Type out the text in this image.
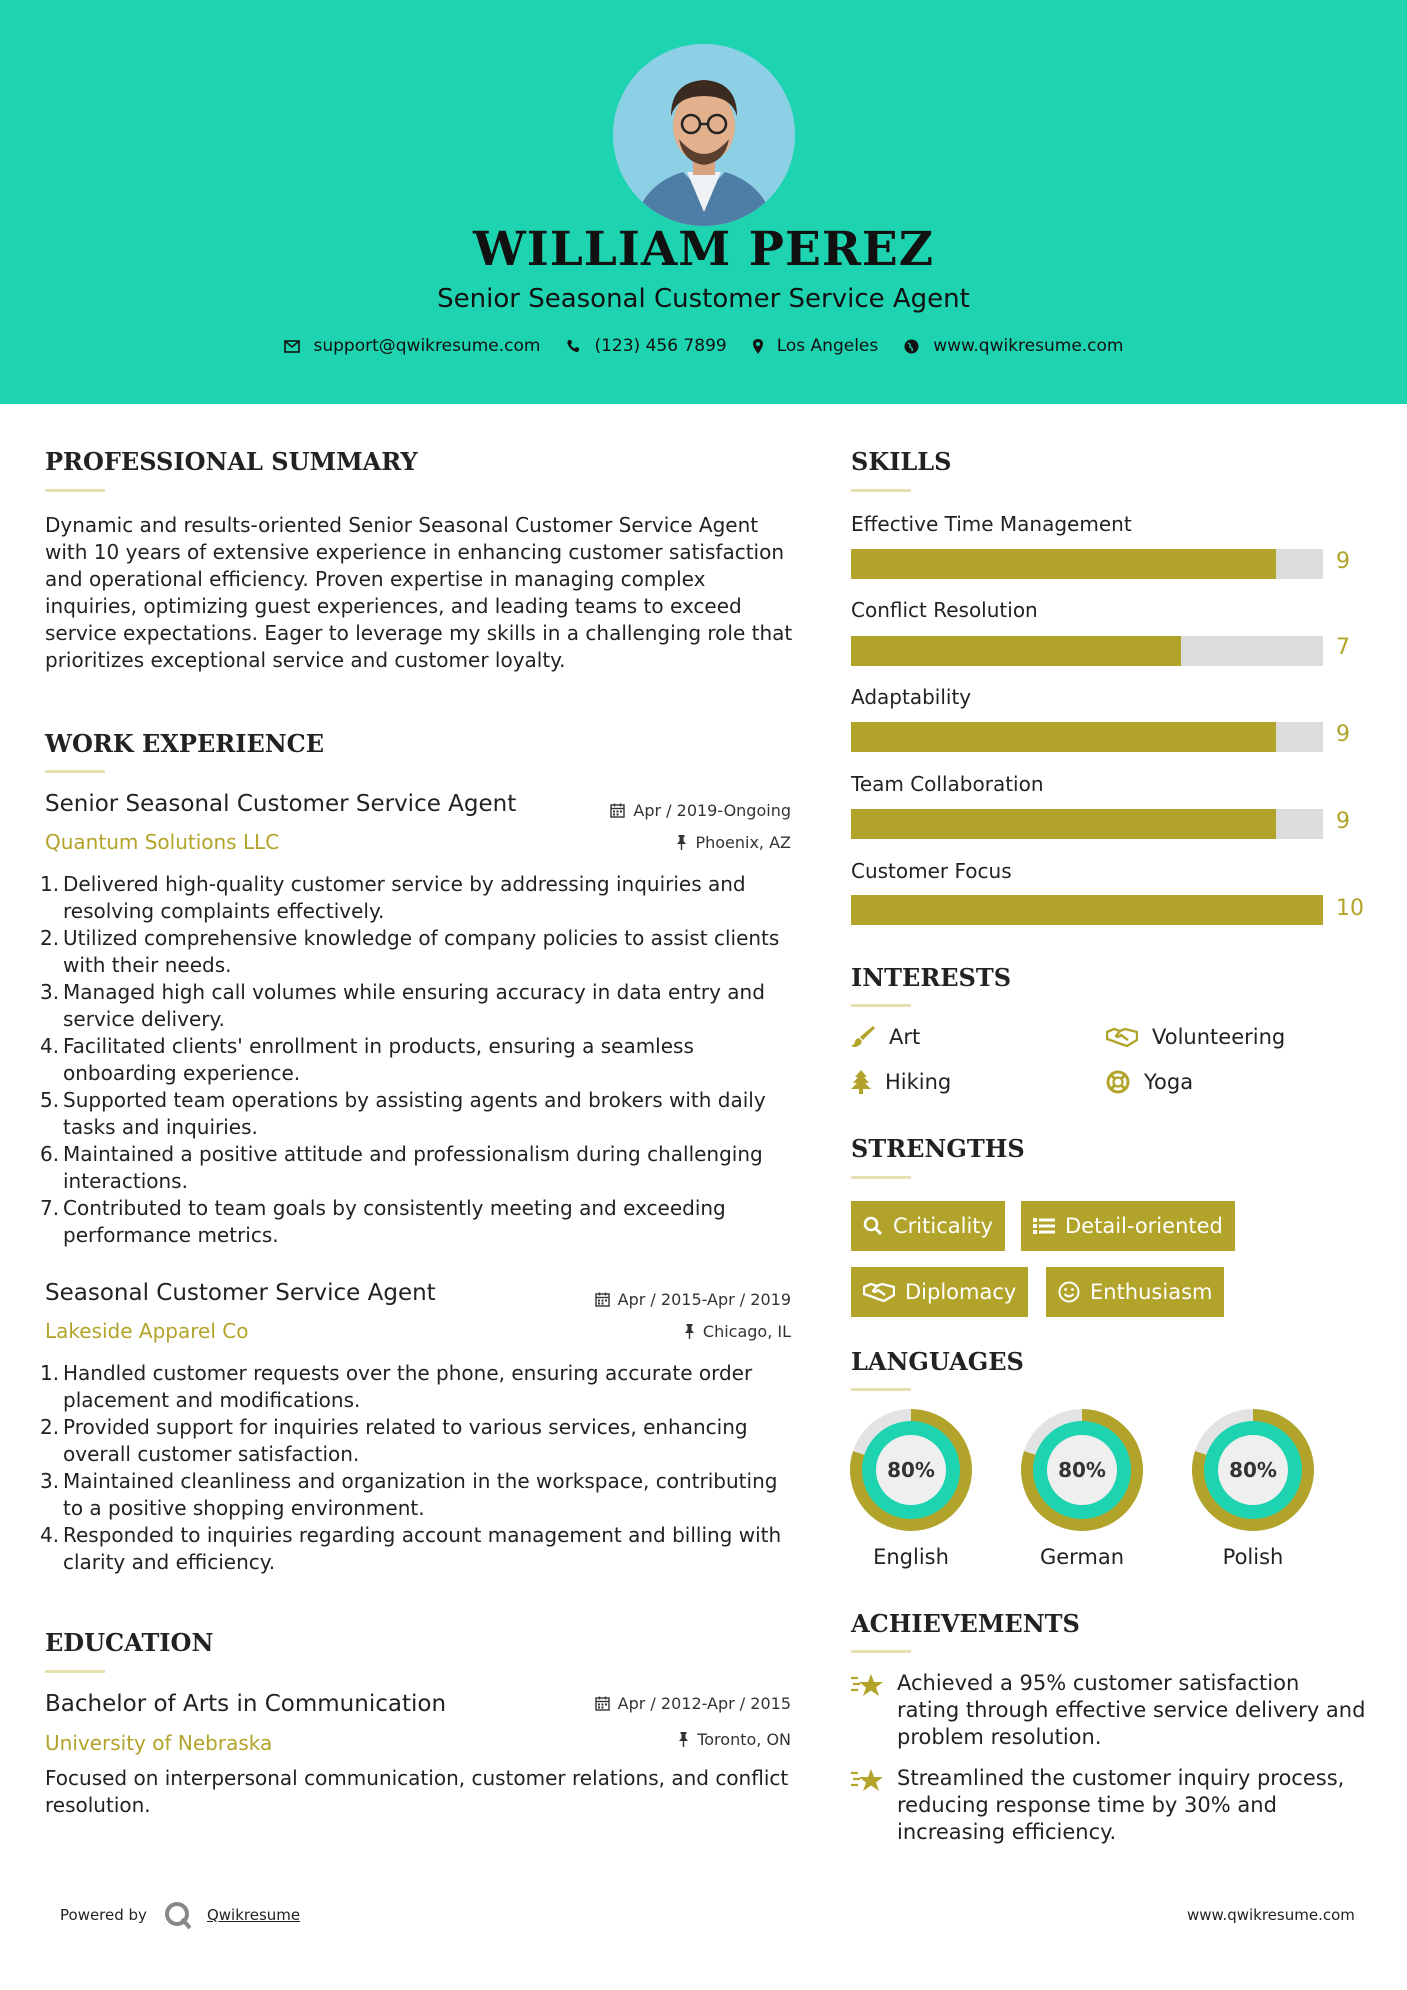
WILLIAM PEREZ
Senior Seasonal Customer Service Agent
support@qwikresume.com	(123) 456 7899	Los Angeles	www.qwikresume.com
PROFESSIONAL SUMMARY
Dynamic and results-oriented Senior Seasonal Customer Service Agent with 10 years of extensive experience in enhancing customer satisfaction and operational efficiency. Proven expertise in managing complex inquiries, optimizing guest experiences, and leading teams to exceed service expectations. Eager to leverage my skills in a challenging role that prioritizes exceptional service and customer loyalty.
WORK EXPERIENCE
Senior Seasonal Customer Service Agent	Apr / 2019-Ongoing
Quantum Solutions LLC	Phoenix, AZ
1. Delivered high-quality customer service by addressing inquiries and resolving complaints effectively.
2. Utilized comprehensive knowledge of company policies to assist clients with their needs.
3. Managed high call volumes while ensuring accuracy in data entry and service delivery.
4. Facilitated clients' enrollment in products, ensuring a seamless onboarding experience.
5. Supported team operations by assisting agents and brokers with daily tasks and inquiries.
6. Maintained a positive attitude and professionalism during challenging interactions.
7. Contributed to team goals by consistently meeting and exceeding performance metrics.
Seasonal Customer Service Agent	Apr / 2015-Apr / 2019
Lakeside Apparel Co	Chicago, IL
1. Handled customer requests over the phone, ensuring accurate order placement and modifications.
2. Provided support for inquiries related to various services, enhancing overall customer satisfaction.
3. Maintained cleanliness and organization in the workspace, contributing to a positive shopping environment.
4. Responded to inquiries regarding account management and billing with clarity and efficiency.
EDUCATION
Bachelor of Arts in Communication	Apr / 2012-Apr / 2015
University of Nebraska	Toronto, ON
Focused on interpersonal communication, customer relations, and conflict resolution.
SKILLS
Effective Time Management
9
Conflict Resolution
7
Adaptability
9
Team Collaboration
9
Customer Focus
10
INTERESTS
Art	Volunteering
Hiking	Yoga
STRENGTHS
Criticality	Detail-oriented
Diplomacy	Enthusiasm
LANGUAGES
80%
English
80%
German
80%
Polish
ACHIEVEMENTS
Achieved a 95% customer satisfaction rating through effective service delivery and problem resolution.
Streamlined the customer inquiry process, reducing response time by 30% and increasing efficiency.
Powered by	Qwikresume	www.qwikresume.com
